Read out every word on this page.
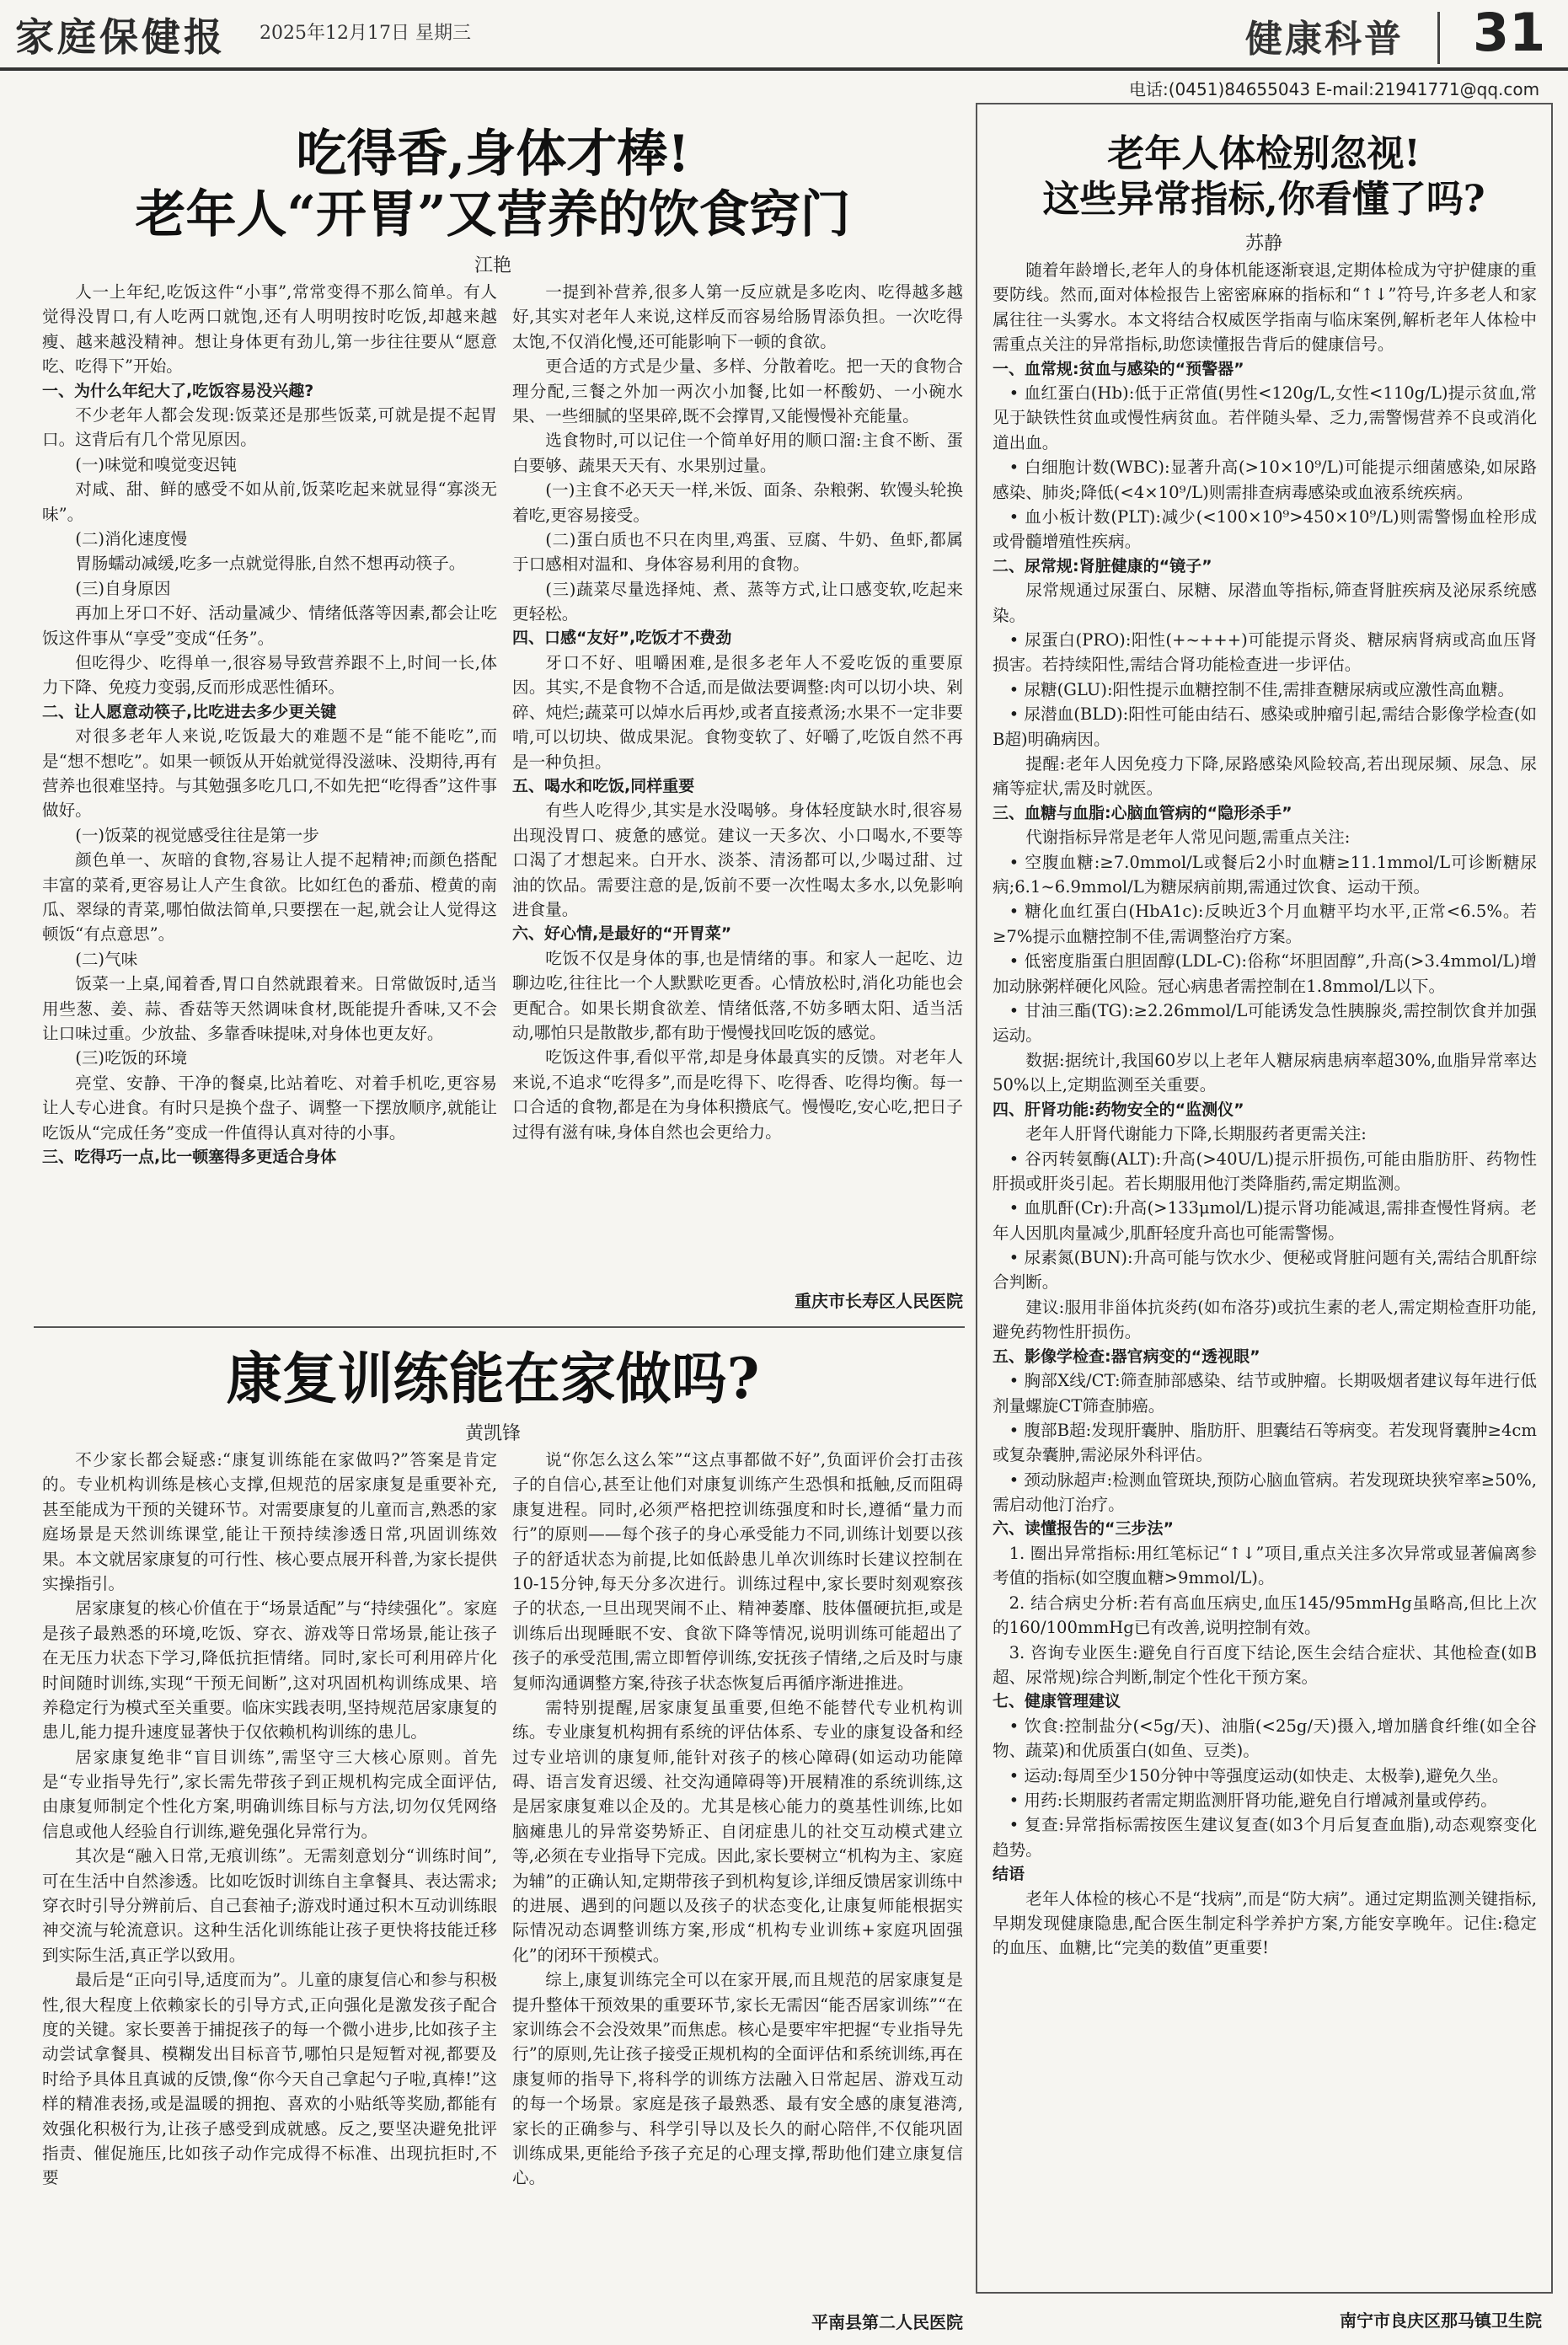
家庭保健报 2025年12月17日 星期三	健康科普 31
电话:(0451)84655043 E-mail:21941771@qq.com
吃得香,身体才棒!
老年人“开胃”又营养的饮食窍门
江艳

人一上年纪,吃饭这件“小事”,常常变得不那么简单。有人觉得没胃口,有人吃两口就饱,还有人明明按时吃饭,却越来越瘦、越来越没精神。想让身体更有劲儿,第一步往往要从“愿意吃、吃得下”开始。

一、为什么年纪大了,吃饭容易没兴趣?

不少老年人都会发现:饭菜还是那些饭菜,可就是提不起胃口。这背后有几个常见原因。

(一)味觉和嗅觉变迟钝

对咸、甜、鲜的感受不如从前,饭菜吃起来就显得“寡淡无味”。

(二)消化速度慢

胃肠蠕动减缓,吃多一点就觉得胀,自然不想再动筷子。

(三)自身原因

再加上牙口不好、活动量减少、情绪低落等因素,都会让吃饭这件事从“享受”变成“任务”。

但吃得少、吃得单一,很容易导致营养跟不上,时间一长,体力下降、免疫力变弱,反而形成恶性循环。

二、让人愿意动筷子,比吃进去多少更关键

对很多老年人来说,吃饭最大的难题不是“能不能吃”,而是“想不想吃”。如果一顿饭从开始就觉得没滋味、没期待,再有营养也很难坚持。与其勉强多吃几口,不如先把“吃得香”这件事做好。

(一)饭菜的视觉感受往往是第一步

颜色单一、灰暗的食物,容易让人提不起精神;而颜色搭配丰富的菜肴,更容易让人产生食欲。比如红色的番茄、橙黄的南瓜、翠绿的青菜,哪怕做法简单,只要摆在一起,就会让人觉得这顿饭“有点意思”。

(二)气味

饭菜一上桌,闻着香,胃口自然就跟着来。日常做饭时,适当用些葱、姜、蒜、香菇等天然调味食材,既能提升香味,又不会让口味过重。少放盐、多靠香味提味,对身体也更友好。

(三)吃饭的环境

亮堂、安静、干净的餐桌,比站着吃、对着手机吃,更容易让人专心进食。有时只是换个盘子、调整一下摆放顺序,就能让吃饭从“完成任务”变成一件值得认真对待的小事。

三、吃得巧一点,比一顿塞得多更适合身体

一提到补营养,很多人第一反应就是多吃肉、吃得越多越好,其实对老年人来说,这样反而容易给肠胃添负担。一次吃得太饱,不仅消化慢,还可能影响下一顿的食欲。

更合适的方式是少量、多样、分散着吃。把一天的食物合理分配,三餐之外加一两次小加餐,比如一杯酸奶、一小碗水果、一些细腻的坚果碎,既不会撑胃,又能慢慢补充能量。

选食物时,可以记住一个简单好用的顺口溜:主食不断、蛋白要够、蔬果天天有、水果别过量。

(一)主食不必天天一样,米饭、面条、杂粮粥、软馒头轮换着吃,更容易接受。

(二)蛋白质也不只在肉里,鸡蛋、豆腐、牛奶、鱼虾,都属于口感相对温和、身体容易利用的食物。

(三)蔬菜尽量选择炖、煮、蒸等方式,让口感变软,吃起来更轻松。

四、口感“友好”,吃饭才不费劲

牙口不好、咀嚼困难,是很多老年人不爱吃饭的重要原因。其实,不是食物不合适,而是做法要调整:肉可以切小块、剁碎、炖烂;蔬菜可以焯水后再炒,或者直接煮汤;水果不一定非要啃,可以切块、做成果泥。食物变软了、好嚼了,吃饭自然不再是一种负担。

五、喝水和吃饭,同样重要

有些人吃得少,其实是水没喝够。身体轻度缺水时,很容易出现没胃口、疲惫的感觉。建议一天多次、小口喝水,不要等口渴了才想起来。白开水、淡茶、清汤都可以,少喝过甜、过油的饮品。需要注意的是,饭前不要一次性喝太多水,以免影响进食量。

六、好心情,是最好的“开胃菜”

吃饭不仅是身体的事,也是情绪的事。和家人一起吃、边聊边吃,往往比一个人默默吃更香。心情放松时,消化功能也会更配合。如果长期食欲差、情绪低落,不妨多晒太阳、适当活动,哪怕只是散散步,都有助于慢慢找回吃饭的感觉。

吃饭这件事,看似平常,却是身体最真实的反馈。对老年人来说,不追求“吃得多”,而是吃得下、吃得香、吃得均衡。每一口合适的食物,都是在为身体积攒底气。慢慢吃,安心吃,把日子过得有滋有味,身体自然也会更给力。

重庆市长寿区人民医院
康复训练能在家做吗?
黄凯锋

不少家长都会疑惑:“康复训练能在家做吗?”答案是肯定的。专业机构训练是核心支撑,但规范的居家康复是重要补充,甚至能成为干预的关键环节。对需要康复的儿童而言,熟悉的家庭场景是天然训练课堂,能让干预持续渗透日常,巩固训练效果。本文就居家康复的可行性、核心要点展开科普,为家长提供实操指引。

居家康复的核心价值在于“场景适配”与“持续强化”。家庭是孩子最熟悉的环境,吃饭、穿衣、游戏等日常场景,能让孩子在无压力状态下学习,降低抗拒情绪。同时,家长可利用碎片化时间随时训练,实现“干预无间断”,这对巩固机构训练成果、培养稳定行为模式至关重要。临床实践表明,坚持规范居家康复的患儿,能力提升速度显著快于仅依赖机构训练的患儿。

居家康复绝非“盲目训练”,需坚守三大核心原则。首先是“专业指导先行”,家长需先带孩子到正规机构完成全面评估,由康复师制定个性化方案,明确训练目标与方法,切勿仅凭网络信息或他人经验自行训练,避免强化异常行为。

其次是“融入日常,无痕训练”。无需刻意划分“训练时间”,可在生活中自然渗透。比如吃饭时训练自主拿餐具、表达需求;穿衣时引导分辨前后、自己套袖子;游戏时通过积木互动训练眼神交流与轮流意识。这种生活化训练能让孩子更快将技能迁移到实际生活,真正学以致用。

最后是“正向引导,适度而为”。儿童的康复信心和参与积极性,很大程度上依赖家长的引导方式,正向强化是激发孩子配合度的关键。家长要善于捕捉孩子的每一个微小进步,比如孩子主动尝试拿餐具、模糊发出目标音节,哪怕只是短暂对视,都要及时给予具体且真诚的反馈,像“你今天自己拿起勺子啦,真棒!”这样的精准表扬,或是温暖的拥抱、喜欢的小贴纸等奖励,都能有效强化积极行为,让孩子感受到成就感。反之,要坚决避免批评指责、催促施压,比如孩子动作完成得不标准、出现抗拒时,不要

说“你怎么这么笨”“这点事都做不好”,负面评价会打击孩子的自信心,甚至让他们对康复训练产生恐惧和抵触,反而阻碍康复进程。同时,必须严格把控训练强度和时长,遵循“量力而行”的原则——每个孩子的身心承受能力不同,训练计划要以孩子的舒适状态为前提,比如低龄患儿单次训练时长建议控制在10-15分钟,每天分多次进行。训练过程中,家长要时刻观察孩子的状态,一旦出现哭闹不止、精神萎靡、肢体僵硬抗拒,或是训练后出现睡眠不安、食欲下降等情况,说明训练可能超出了孩子的承受范围,需立即暂停训练,安抚孩子情绪,之后及时与康复师沟通调整方案,待孩子状态恢复后再循序渐进推进。

需特别提醒,居家康复虽重要,但绝不能替代专业机构训练。专业康复机构拥有系统的评估体系、专业的康复设备和经过专业培训的康复师,能针对孩子的核心障碍(如运动功能障碍、语言发育迟缓、社交沟通障碍等)开展精准的系统训练,这是居家康复难以企及的。尤其是核心能力的奠基性训练,比如脑瘫患儿的异常姿势矫正、自闭症患儿的社交互动模式建立等,必须在专业指导下完成。因此,家长要树立“机构为主、家庭为辅”的正确认知,定期带孩子到机构复诊,详细反馈居家训练中的进展、遇到的问题以及孩子的状态变化,让康复师能根据实际情况动态调整训练方案,形成“机构专业训练+家庭巩固强化”的闭环干预模式。

综上,康复训练完全可以在家开展,而且规范的居家康复是提升整体干预效果的重要环节,家长无需因“能否居家训练”“在家训练会不会没效果”而焦虑。核心是要牢牢把握“专业指导先行”的原则,先让孩子接受正规机构的全面评估和系统训练,再在康复师的指导下,将科学的训练方法融入日常起居、游戏互动的每一个场景。家庭是孩子最熟悉、最有安全感的康复港湾,家长的正确参与、科学引导以及长久的耐心陪伴,不仅能巩固训练成果,更能给予孩子充足的心理支撑,帮助他们建立康复信心。

平南县第二人民医院
老年人体检别忽视!
这些异常指标,你看懂了吗?
苏静

随着年龄增长,老年人的身体机能逐渐衰退,定期体检成为守护健康的重要防线。然而,面对体检报告上密密麻麻的指标和“↑↓”符号,许多老人和家属往往一头雾水。本文将结合权威医学指南与临床案例,解析老年人体检中需重点关注的异常指标,助您读懂报告背后的健康信号。

一、血常规:贫血与感染的“预警器”

• 血红蛋白(Hb):低于正常值(男性<120g/L,女性<110g/L)提示贫血,常见于缺铁性贫血或慢性病贫血。若伴随头晕、乏力,需警惕营养不良或消化道出血。

• 白细胞计数(WBC):显著升高(>10×10⁹/L)可能提示细菌感染,如尿路感染、肺炎;降低(<4×10⁹/L)则需排查病毒感染或血液系统疾病。

• 血小板计数(PLT):减少(<100×10⁹>450×10⁹/L)则需警惕血栓形成或骨髓增殖性疾病。

二、尿常规:肾脏健康的“镜子”

尿常规通过尿蛋白、尿糖、尿潜血等指标,筛查肾脏疾病及泌尿系统感染。

• 尿蛋白(PRO):阳性(+~+++)可能提示肾炎、糖尿病肾病或高血压肾损害。若持续阳性,需结合肾功能检查进一步评估。

• 尿糖(GLU):阳性提示血糖控制不佳,需排查糖尿病或应激性高血糖。

• 尿潜血(BLD):阳性可能由结石、感染或肿瘤引起,需结合影像学检查(如B超)明确病因。

提醒:老年人因免疫力下降,尿路感染风险较高,若出现尿频、尿急、尿痛等症状,需及时就医。

三、血糖与血脂:心脑血管病的“隐形杀手”

代谢指标异常是老年人常见问题,需重点关注:

• 空腹血糖:≥7.0mmol/L或餐后2小时血糖≥11.1mmol/L可诊断糖尿病;6.1~6.9mmol/L为糖尿病前期,需通过饮食、运动干预。

• 糖化血红蛋白(HbA1c):反映近3个月血糖平均水平,正常<6.5%。若≥7%提示血糖控制不佳,需调整治疗方案。

• 低密度脂蛋白胆固醇(LDL-C):俗称“坏胆固醇”,升高(>3.4mmol/L)增加动脉粥样硬化风险。冠心病患者需控制在1.8mmol/L以下。

• 甘油三酯(TG):≥2.26mmol/L可能诱发急性胰腺炎,需控制饮食并加强运动。

数据:据统计,我国60岁以上老年人糖尿病患病率超30%,血脂异常率达50%以上,定期监测至关重要。

四、肝肾功能:药物安全的“监测仪”

老年人肝肾代谢能力下降,长期服药者更需关注:

• 谷丙转氨酶(ALT):升高(>40U/L)提示肝损伤,可能由脂肪肝、药物性肝损或肝炎引起。若长期服用他汀类降脂药,需定期监测。

• 血肌酐(Cr):升高(>133μmol/L)提示肾功能减退,需排查慢性肾病。老年人因肌肉量减少,肌酐轻度升高也可能需警惕。

• 尿素氮(BUN):升高可能与饮水少、便秘或肾脏问题有关,需结合肌酐综合判断。

建议:服用非甾体抗炎药(如布洛芬)或抗生素的老人,需定期检查肝功能,避免药物性肝损伤。

五、影像学检查:器官病变的“透视眼”

• 胸部X线/CT:筛查肺部感染、结节或肿瘤。长期吸烟者建议每年进行低剂量螺旋CT筛查肺癌。

• 腹部B超:发现肝囊肿、脂肪肝、胆囊结石等病变。若发现肾囊肿≥4cm或复杂囊肿,需泌尿外科评估。

• 颈动脉超声:检测血管斑块,预防心脑血管病。若发现斑块狭窄率≥50%,需启动他汀治疗。

六、读懂报告的“三步法”

1. 圈出异常指标:用红笔标记“↑↓”项目,重点关注多次异常或显著偏离参考值的指标(如空腹血糖>9mmol/L)。

2. 结合病史分析:若有高血压病史,血压145/95mmHg虽略高,但比上次的160/100mmHg已有改善,说明控制有效。

3. 咨询专业医生:避免自行百度下结论,医生会结合症状、其他检查(如B超、尿常规)综合判断,制定个性化干预方案。

七、健康管理建议

• 饮食:控制盐分(<5g/天)、油脂(<25g/天)摄入,增加膳食纤维(如全谷物、蔬菜)和优质蛋白(如鱼、豆类)。

• 运动:每周至少150分钟中等强度运动(如快走、太极拳),避免久坐。

• 用药:长期服药者需定期监测肝肾功能,避免自行增减剂量或停药。

• 复查:异常指标需按医生建议复查(如3个月后复查血脂),动态观察变化趋势。

结语

老年人体检的核心不是“找病”,而是“防大病”。通过定期监测关键指标,早期发现健康隐患,配合医生制定科学养护方案,方能安享晚年。记住:稳定的血压、血糖,比“完美的数值”更重要!

南宁市良庆区那马镇卫生院
